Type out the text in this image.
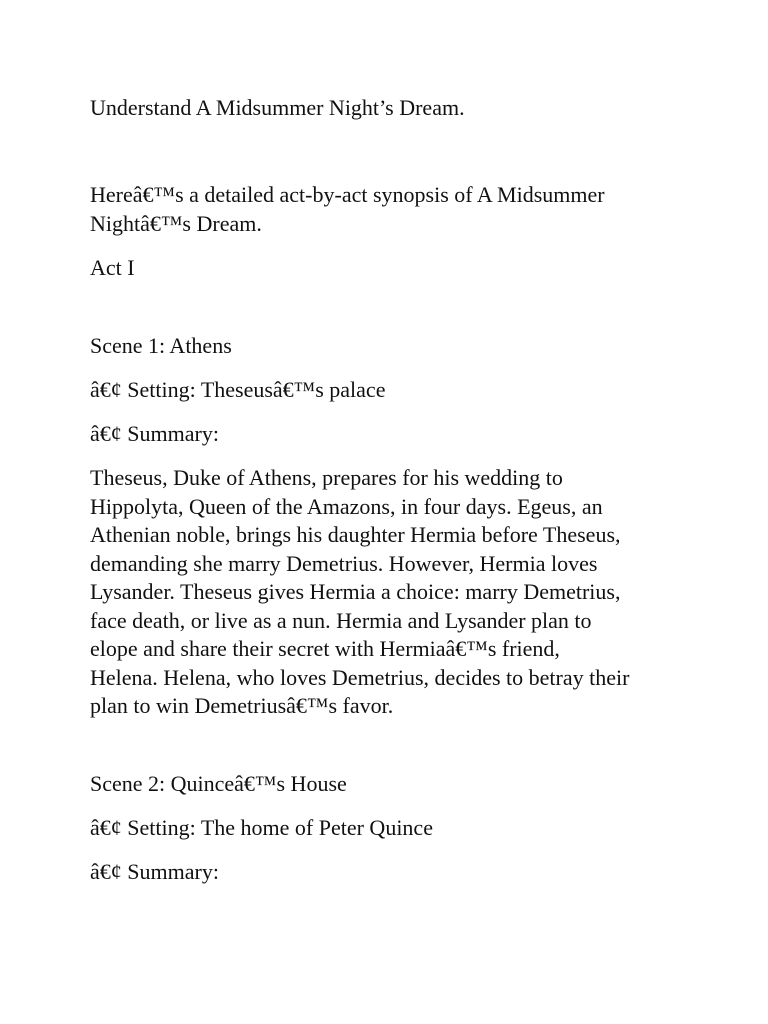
Understand A Midsummer Night’s Dream.

Hereâ€™s a detailed act-by-act synopsis of A Midsummer

Nightâ€™s Dream.

Act I

Scene 1: Athens

â€¢ Setting: Theseusâ€™s palace

â€¢ Summary:

Theseus, Duke of Athens, prepares for his wedding to

Hippolyta, Queen of the Amazons, in four days. Egeus, an

Athenian noble, brings his daughter Hermia before Theseus,

demanding she marry Demetrius. However, Hermia loves

Lysander. Theseus gives Hermia a choice: marry Demetrius,

face death, or live as a nun. Hermia and Lysander plan to

elope and share their secret with Hermiaâ€™s friend,

Helena. Helena, who loves Demetrius, decides to betray their

plan to win Demetriusâ€™s favor.

Scene 2: Quinceâ€™s House

â€¢ Setting: The home of Peter Quince

â€¢ Summary:
